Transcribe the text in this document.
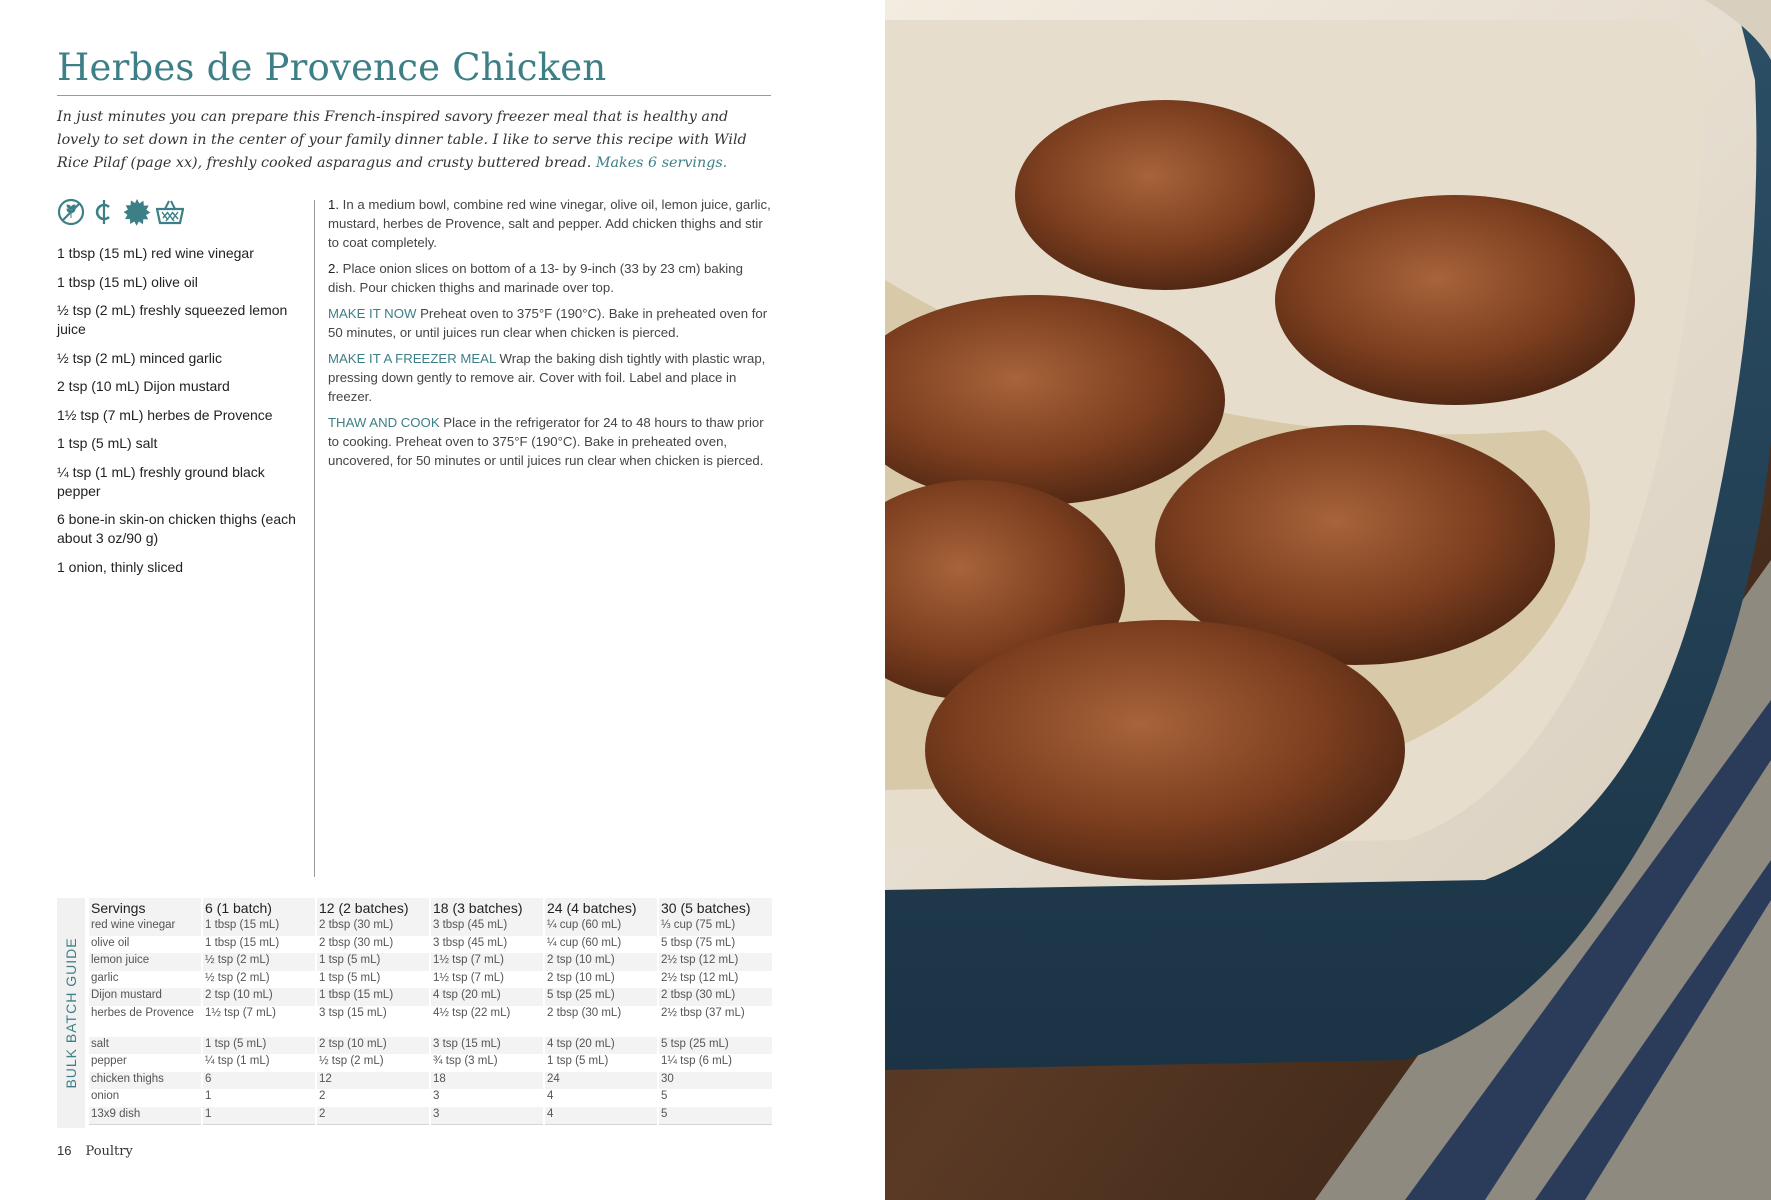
Herbes de Provence Chicken

In just minutes you can prepare this French-inspired savory freezer meal that is healthy and lovely to set down in the center of your family dinner table. I like to serve this recipe with Wild Rice Pilaf (page xx), freshly cooked asparagus and crusty buttered bread. Makes 6 servings.

1 tbsp (15 mL) red wine vinegar
1 tbsp (15 mL) olive oil
½ tsp (2 mL) freshly squeezed lemon juice
½ tsp (2 mL) minced garlic
2 tsp (10 mL) Dijon mustard
1½ tsp (7 mL) herbes de Provence
1 tsp (5 mL) salt
¼ tsp (1 mL) freshly ground black pepper
6 bone-in skin-on chicken thighs (each about 3 oz/90 g)
1 onion, thinly sliced

1. In a medium bowl, combine red wine vinegar, olive oil, lemon juice, garlic, mustard, herbes de Provence, salt and pepper. Add chicken thighs and stir to coat completely.

2. Place onion slices on bottom of a 13- by 9-inch (33 by 23 cm) baking dish. Pour chicken thighs and marinade over top.

MAKE IT NOW Preheat oven to 375°F (190°C). Bake in preheated oven for 50 minutes, or until juices run clear when chicken is pierced.

MAKE IT A FREEZER MEAL Wrap the baking dish tightly with plastic wrap, pressing down gently to remove air. Cover with foil. Label and place in freezer.

THAW AND COOK Place in the refrigerator for 24 to 48 hours to thaw prior to cooking. Preheat oven to 375°F (190°C). Bake in preheated oven, uncovered, for 50 minutes or until juices run clear when chicken is pierced.

BULK BATCH GUIDE
Servings	6 (1 batch)	12 (2 batches)	18 (3 batches)	24 (4 batches)	30 (5 batches)
red wine vinegar	1 tbsp (15 mL)	2 tbsp (30 mL)	3 tbsp (45 mL)	¼ cup (60 mL)	⅓ cup (75 mL)
olive oil	1 tbsp (15 mL)	2 tbsp (30 mL)	3 tbsp (45 mL)	¼ cup (60 mL)	5 tbsp (75 mL)
lemon juice	½ tsp (2 mL)	1 tsp (5 mL)	1½ tsp (7 mL)	2 tsp (10 mL)	2½ tsp (12 mL)
garlic	½ tsp (2 mL)	1 tsp (5 mL)	1½ tsp (7 mL)	2 tsp (10 mL)	2½ tsp (12 mL)
Dijon mustard	2 tsp (10 mL)	1 tbsp (15 mL)	4 tsp (20 mL)	5 tsp (25 mL)	2 tbsp (30 mL)
herbes de Provence	1½ tsp (7 mL)	3 tsp (15 mL)	4½ tsp (22 mL)	2 tbsp (30 mL)	2½ tbsp (37 mL)
salt	1 tsp (5 mL)	2 tsp (10 mL)	3 tsp (15 mL)	4 tsp (20 mL)	5 tsp (25 mL)
pepper	¼ tsp (1 mL)	½ tsp (2 mL)	¾ tsp (3 mL)	1 tsp (5 mL)	1¼ tsp (6 mL)
chicken thighs	6	12	18	24	30
onion	1	2	3	4	5
13x9 dish	1	2	3	4	5
16 Poultry
